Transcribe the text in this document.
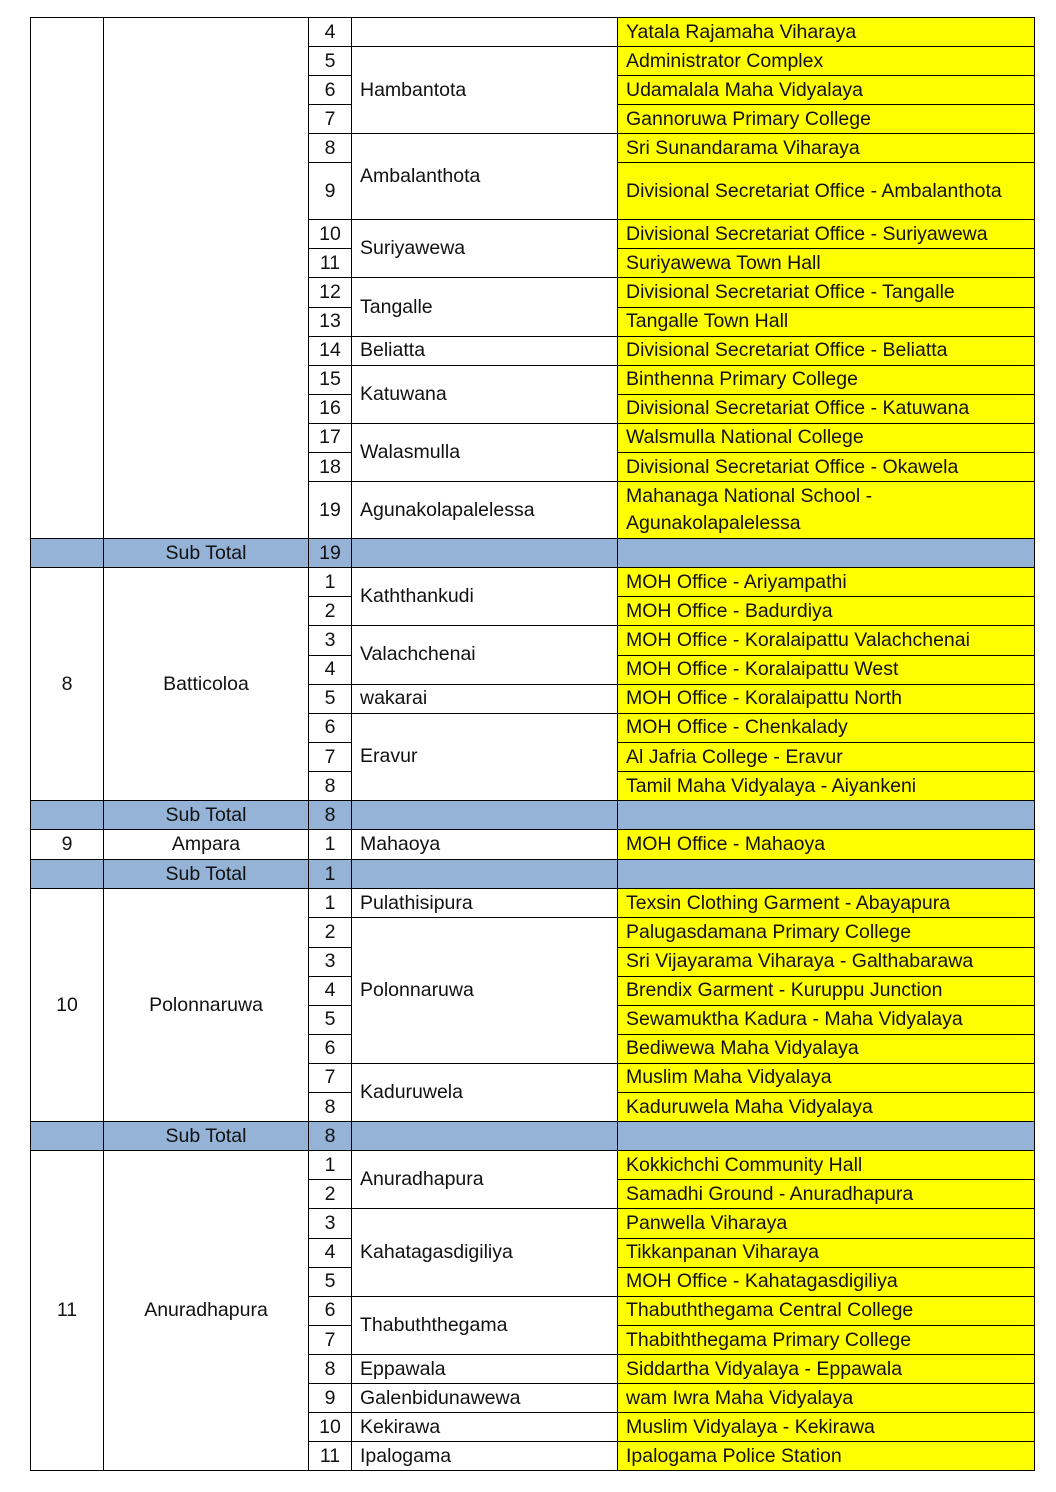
		4		Yatala Rajamaha Viharaya
		5	Hambantota	Administrator Complex
		6		Udamalala Maha Vidyalaya
		7		Gannoruwa Primary College
		8	Ambalanthota	Sri Sunandarama Viharaya
		9		Divisional Secretariat Office - Ambalanthota
		10	Suriyawewa	Divisional Secretariat Office - Suriyawewa
		11		Suriyawewa Town Hall
		12	Tangalle	Divisional Secretariat Office - Tangalle
		13		Tangalle Town Hall
		14	Beliatta	Divisional Secretariat Office - Beliatta
		15	Katuwana	Binthenna Primary College
		16		Divisional Secretariat Office - Katuwana
		17	Walasmulla	Walsmulla National College
		18		Divisional Secretariat Office - Okawela
		19	Agunakolapalelessa	Mahanaga National School - Agunakolapalelessa
	Sub Total	19		
8	Batticoloa	1	Kaththankudi	MOH Office - Ariyampathi
		2		MOH Office - Badurdiya
		3	Valachchenai	MOH Office - Koralaipattu Valachchenai
		4		MOH Office - Koralaipattu West
		5	wakarai	MOH Office - Koralaipattu North
		6	Eravur	MOH Office - Chenkalady
		7		Al Jafria College - Eravur
		8		Tamil Maha Vidyalaya - Aiyankeni
	Sub Total	8		
9	Ampara	1	Mahaoya	MOH Office - Mahaoya
	Sub Total	1		
10	Polonnaruwa	1	Pulathisipura	Texsin Clothing Garment - Abayapura
		2	Polonnaruwa	Palugasdamana Primary College
		3		Sri Vijayarama Viharaya - Galthabarawa
		4		Brendix Garment - Kuruppu Junction
		5		Sewamuktha Kadura - Maha Vidyalaya
		6		Bediwewa Maha Vidyalaya
		7	Kaduruwela	Muslim Maha Vidyalaya
		8		Kaduruwela Maha Vidyalaya
	Sub Total	8		
11	Anuradhapura	1	Anuradhapura	Kokkichchi Community Hall
		2		Samadhi Ground - Anuradhapura
		3	Kahatagasdigiliya	Panwella Viharaya
		4		Tikkanpanan Viharaya
		5		MOH Office - Kahatagasdigiliya
		6	Thabuththegama	Thabuththegama Central College
		7		Thabiththegama Primary College
		8	Eppawala	Siddartha Vidyalaya - Eppawala
		9	Galenbidunawewa	wam Iwra Maha Vidyalaya
		10	Kekirawa	Muslim Vidyalaya - Kekirawa
		11	Ipalogama	Ipalogama Police Station
